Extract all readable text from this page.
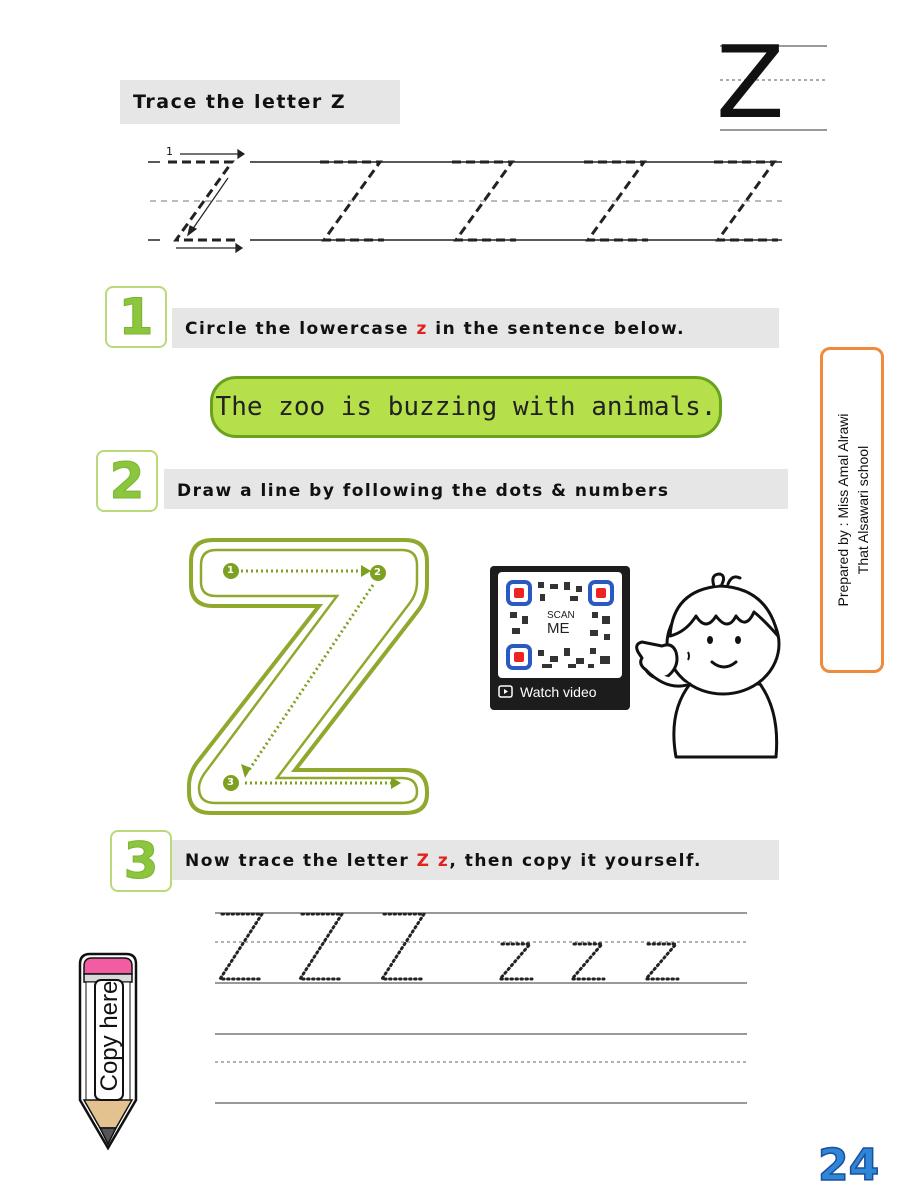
Trace the letter Z	Z
1
1 Circle the lowercase z in the sentence below.
The zoo is buzzing with animals.
2 Draw a line by following the dots & numbers
1	2
3
SCAN
ME
Watch video
Prepared by : Miss Amal Alrawi That Alsawari school
3 Now trace the letter Z z, then copy it yourself.
Copy here
24
